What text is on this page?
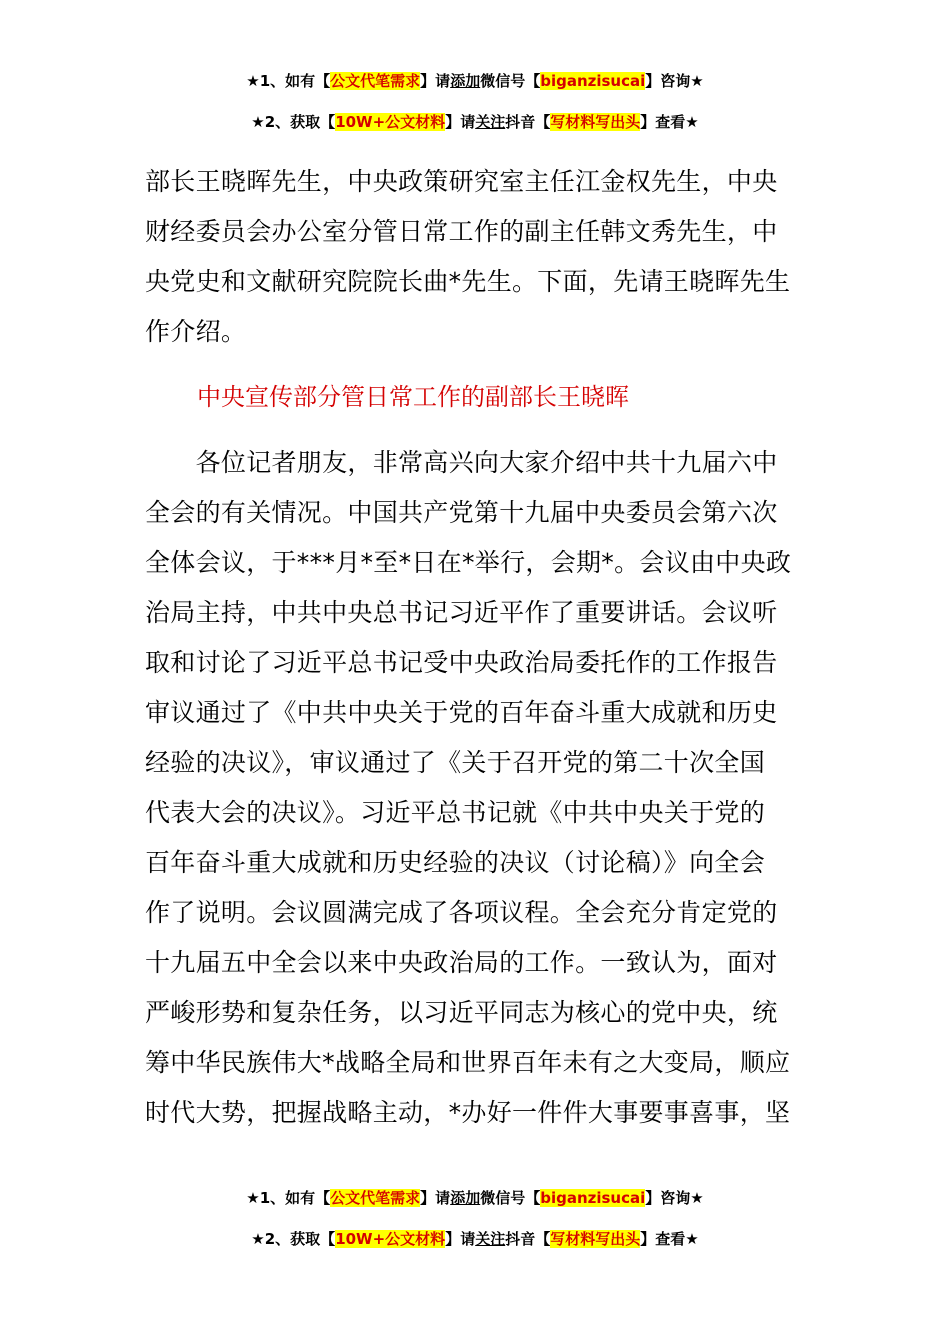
★1、如有【公文代笔需求】请添加微信号【biganzisucai】咨询★
★2、获取【10W+公文材料】请关注抖音【写材料写出头】查看★
部长王晓晖先生，中央政策研究室主任江金权先生，中央
财经委员会办公室分管日常工作的副主任韩文秀先生，中
央党史和文献研究院院长曲*先生。下面，先请王晓晖先生
作介绍。
中央宣传部分管日常工作的副部长王晓晖
　　各位记者朋友，非常高兴向大家介绍中共十九届六中
全会的有关情况。中国共产党第十九届中央委员会第六次
全体会议，于***月*至*日在*举行，会期*。会议由中央政
治局主持，中共中央总书记习近平作了重要讲话。会议听
取和讨论了习近平总书记受中央政治局委托作的工作报告
审议通过了《中共中央关于党的百年奋斗重大成就和历史
经验的决议》，审议通过了《关于召开党的第二十次全国
代表大会的决议》。习近平总书记就《中共中央关于党的
百年奋斗重大成就和历史经验的决议（讨论稿）》向全会
作了说明。会议圆满完成了各项议程。全会充分肯定党的
十九届五中全会以来中央政治局的工作。一致认为，面对
严峻形势和复杂任务，以习近平同志为核心的党中央，统
筹中华民族伟大*战略全局和世界百年未有之大变局，顺应
时代大势，把握战略主动，*办好一件件大事要事喜事，坚
★1、如有【公文代笔需求】请添加微信号【biganzisucai】咨询★
★2、获取【10W+公文材料】请关注抖音【写材料写出头】查看★
